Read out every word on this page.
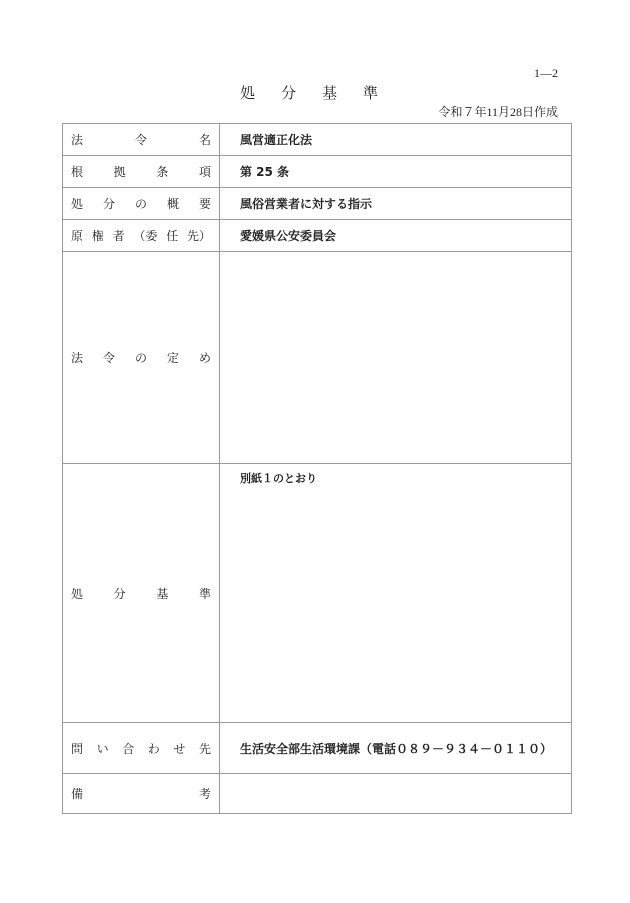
1—2
処 分 基 準
令和７年11月28日作成
法 令 名	風営適正化法

根 拠 条 項	第 25 条

処 分 の 概 要	風俗営業者に対する指示

原 権 者 （委 任 先）	愛媛県公安委員会

法 令 の 定 め	

処 分 基 準	別紙１のとおり

問 い 合 わ せ 先	生活安全部生活環境課（電話０８９－９３４－０１１０）

備 考	
